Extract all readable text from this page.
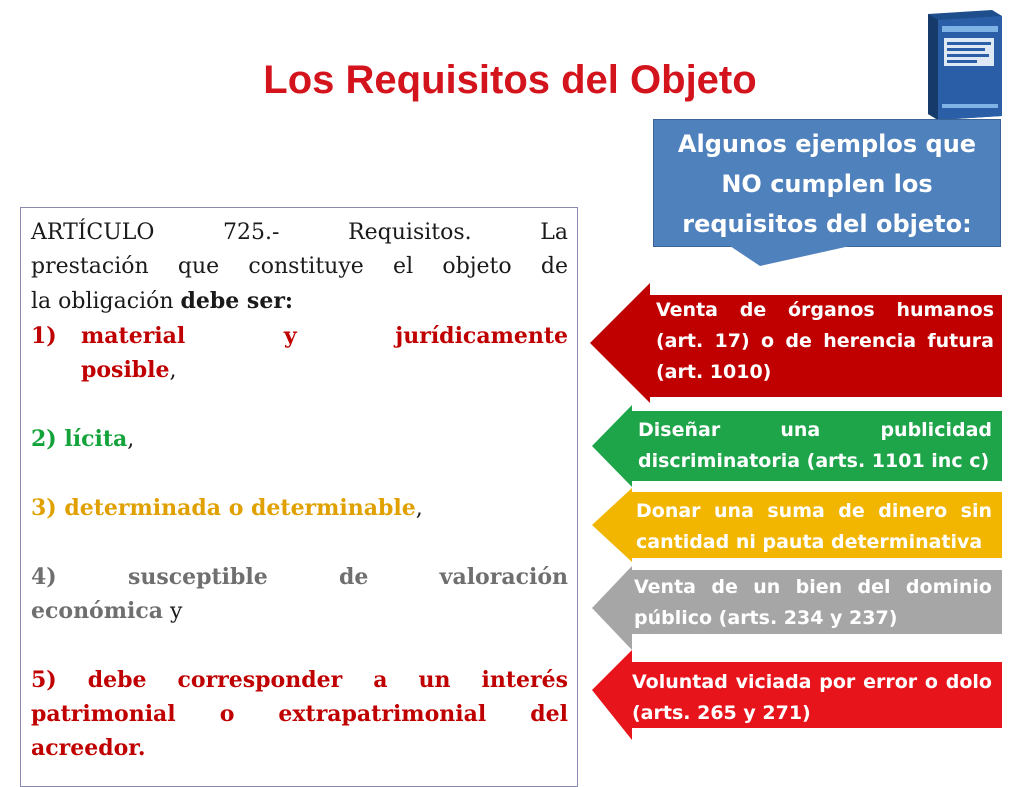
Los Requisitos del Objeto
Algunos ejemplos que
NO cumplen los
requisitos del objeto:

ARTÍCULO 725.- Requisitos. La

prestación que constituye el objeto de

la obligación debe ser:

1)	material y jurídicamente
posible,

2) lícita,

3) determinada o determinable,

4) susceptible de valoración

económica y

5) debe corresponder a un interés

patrimonial o extrapatrimonial del

acreedor.

Venta de órganos humanos
(art. 17) o de herencia futura
(art. 1010)
Diseñar una publicidad
discriminatoria (arts. 1101 inc c)
Donar una suma de dinero sin
cantidad ni pauta determinativa
Venta de un bien del dominio
público (arts. 234 y 237)
Voluntad viciada por error o dolo
(arts. 265 y 271)
